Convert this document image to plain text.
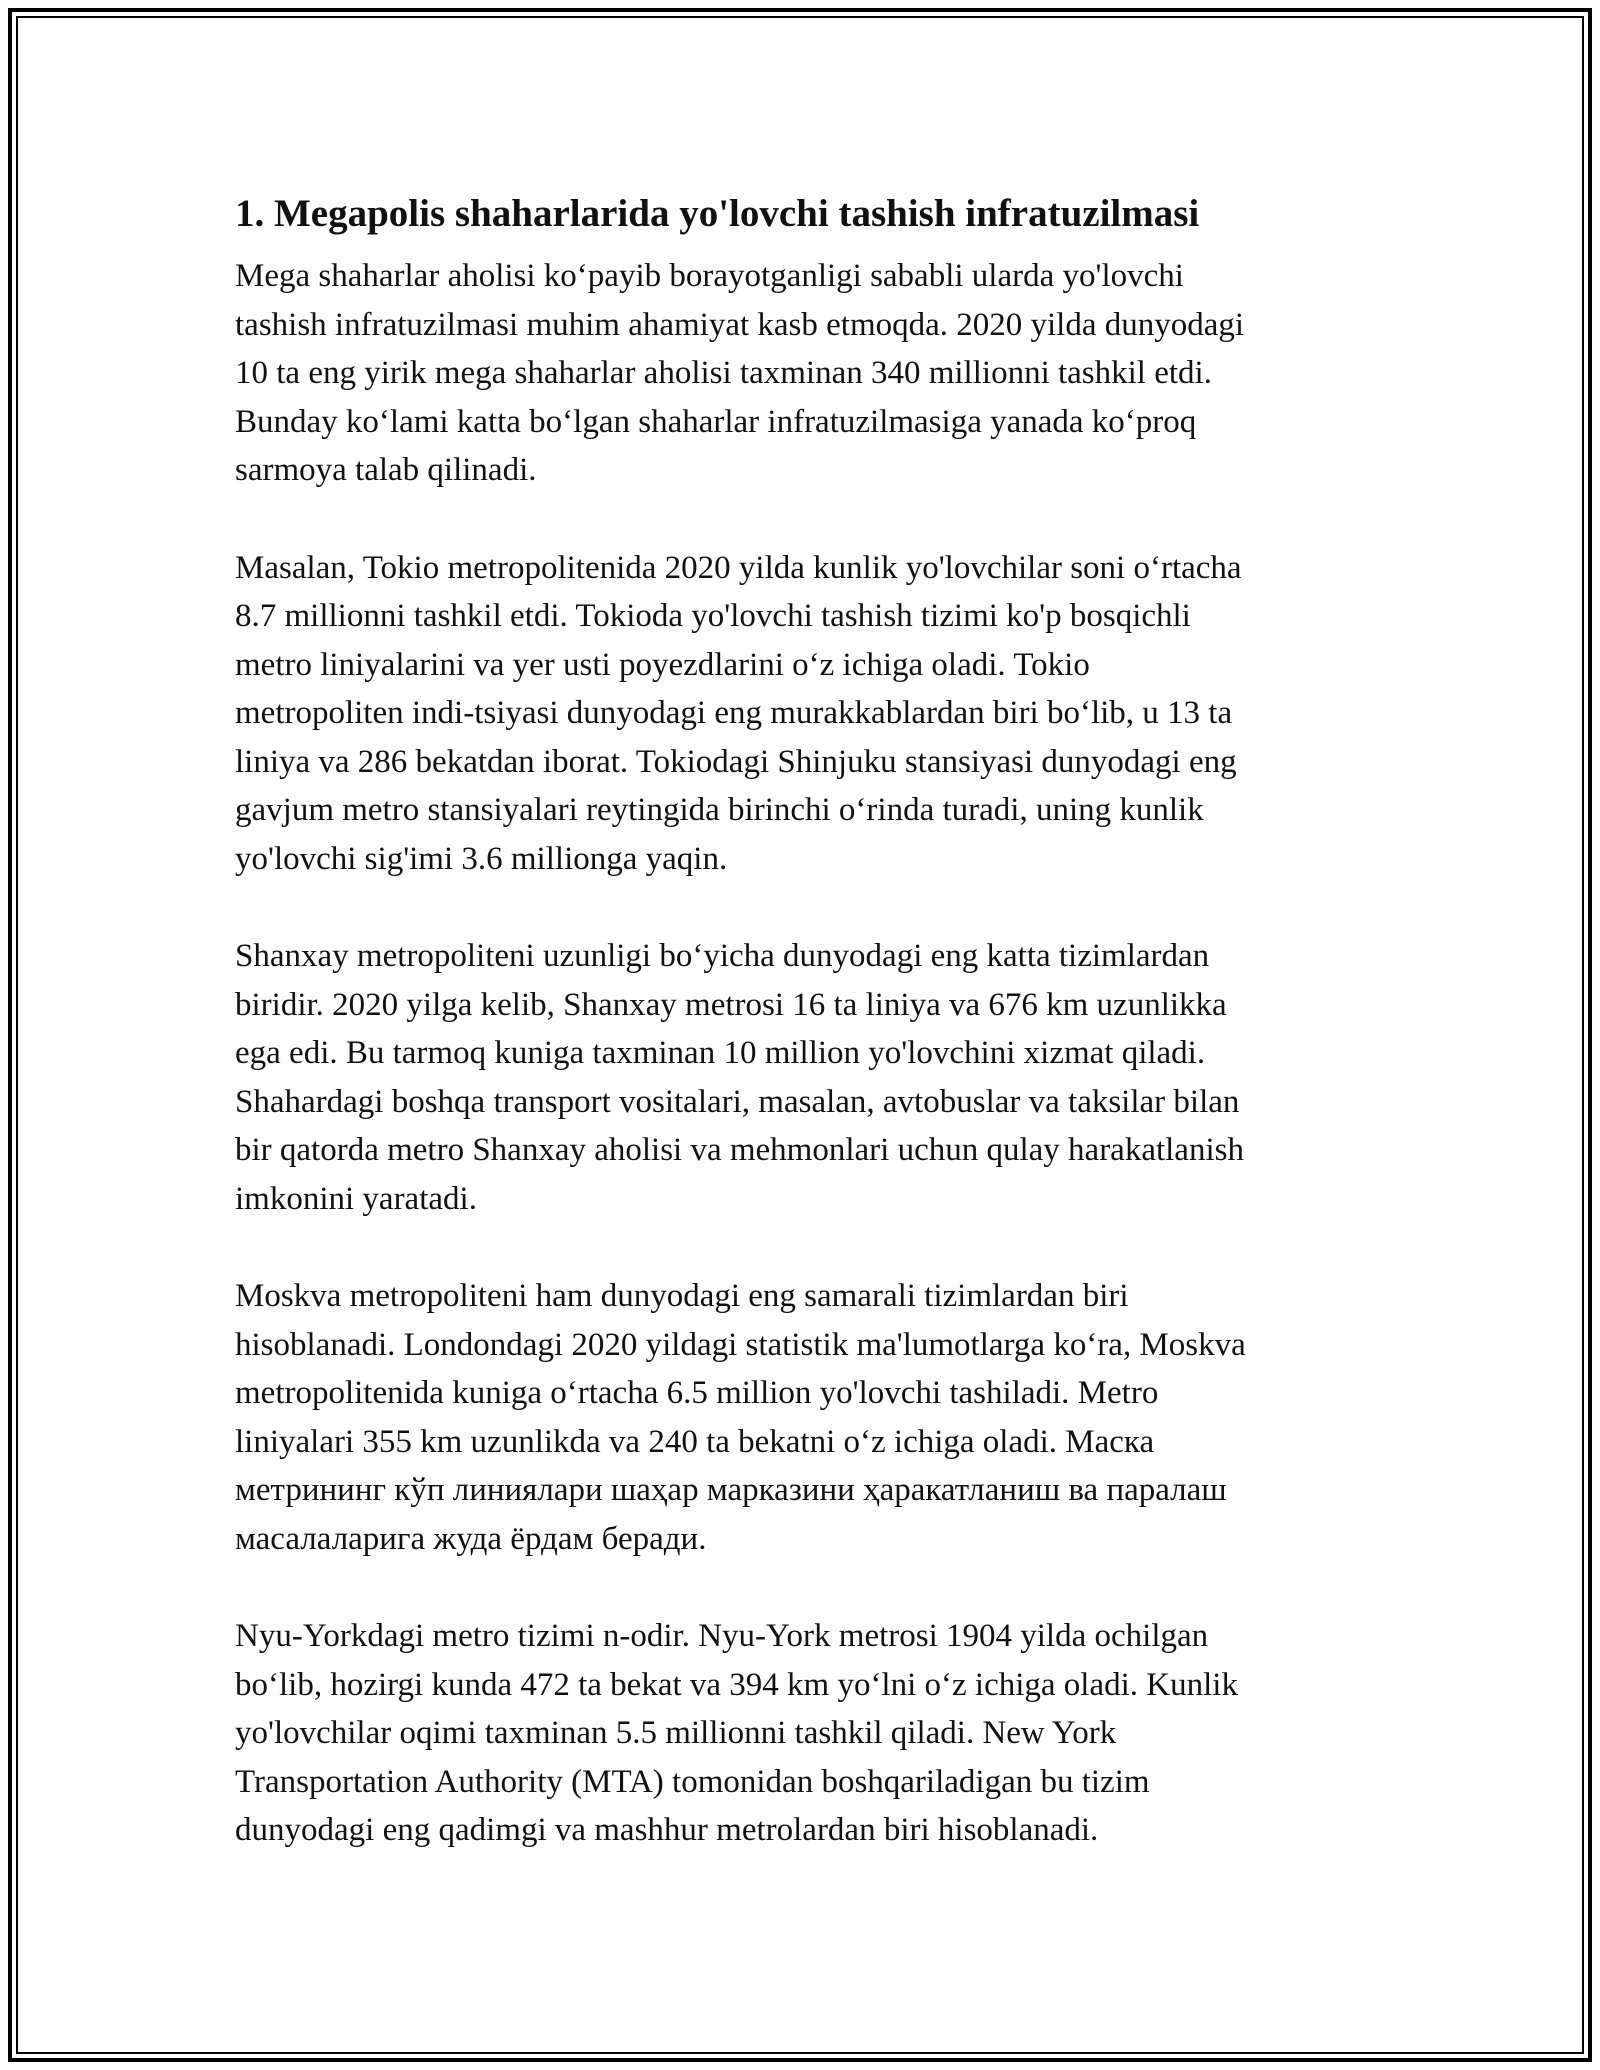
1. Megapolis shaharlarida yo'lovchi tashish infratuzilmasi

Mega shaharlar aholisi koʻpayib borayotganligi sababli ularda yo'lovchi
tashish infratuzilmasi muhim ahamiyat kasb etmoqda. 2020 yilda dunyodagi
10 ta eng yirik mega shaharlar aholisi taxminan 340 millionni tashkil etdi.
Bunday koʻlami katta boʻlgan shaharlar infratuzilmasiga yanada koʻproq
sarmoya talab qilinadi.

Masalan, Tokio metropolitenida 2020 yilda kunlik yo'lovchilar soni oʻrtacha
8.7 millionni tashkil etdi. Tokioda yo'lovchi tashish tizimi ko'p bosqichli
metro liniyalarini va yer usti poyezdlarini oʻz ichiga oladi. Tokio
metropoliten indi-tsiyasi dunyodagi eng murakkablardan biri boʻlib, u 13 ta
liniya va 286 bekatdan iborat. Tokiodagi Shinjuku stansiyasi dunyodagi eng
gavjum metro stansiyalari reytingida birinchi oʻrinda turadi, uning kunlik
yo'lovchi sig'imi 3.6 millionga yaqin.

Shanxay metropoliteni uzunligi boʻyicha dunyodagi eng katta tizimlardan
biridir. 2020 yilga kelib, Shanxay metrosi 16 ta liniya va 676 km uzunlikka
ega edi. Bu tarmoq kuniga taxminan 10 million yo'lovchini xizmat qiladi.
Shahardagi boshqa transport vositalari, masalan, avtobuslar va taksilar bilan
bir qatorda metro Shanxay aholisi va mehmonlari uchun qulay harakatlanish
imkonini yaratadi.

Moskva metropoliteni ham dunyodagi eng samarali tizimlardan biri
hisoblanadi. Londondagi 2020 yildagi statistik ma'lumotlarga koʻra, Moskva
metropolitenida kuniga oʻrtacha 6.5 million yo'lovchi tashiladi. Metro
liniyalari 355 km uzunlikda va 240 ta bekatni oʻz ichiga oladi. Маска
метрининг кўп линиялари шаҳар марказини ҳаракатланиш ва паралаш
масалаларига жуда ёрдам беради.

Nyu-Yorkdagi metro tizimi n-odir. Nyu-York metrosi 1904 yilda ochilgan
boʻlib, hozirgi kunda 472 ta bekat va 394 km yoʻlni oʻz ichiga oladi. Kunlik
yo'lovchilar oqimi taxminan 5.5 millionni tashkil qiladi. New York
Transportation Authority (MTA) tomonidan boshqariladigan bu tizim
dunyodagi eng qadimgi va mashhur metrolardan biri hisoblanadi.
